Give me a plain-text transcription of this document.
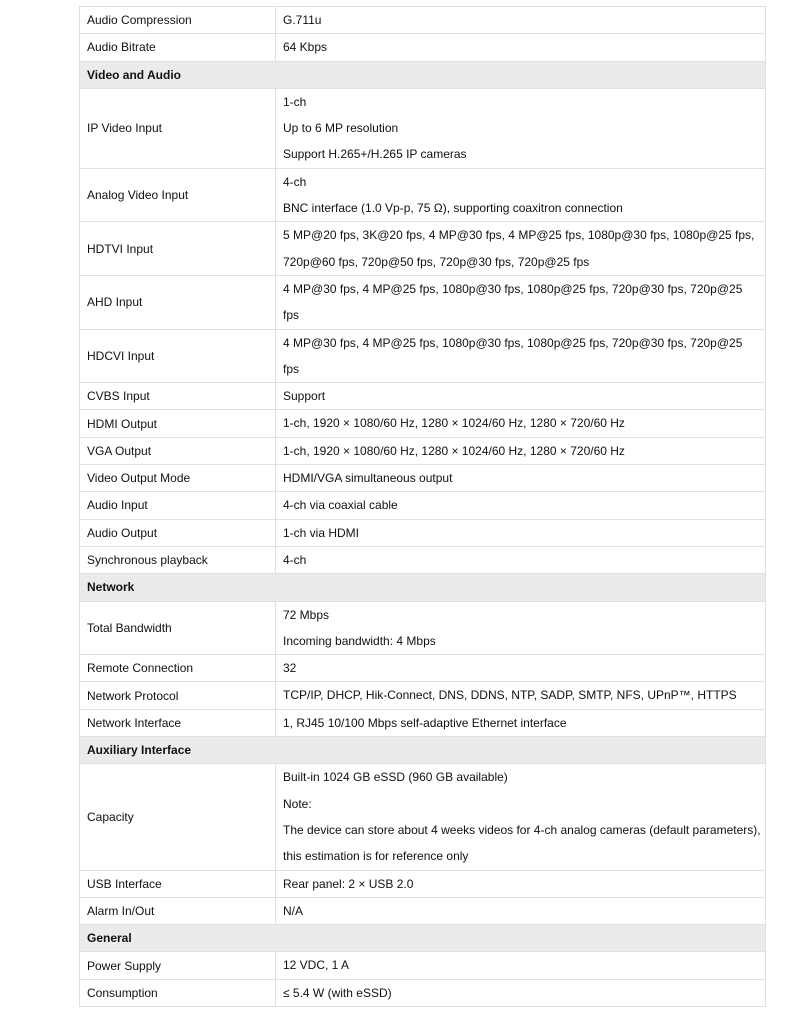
Audio Compression	G.711u

Audio Bitrate	64 Kbps

Video and Audio	
IP Video Input	1-ch
Up to 6 MP resolution
Support H.265+/H.265 IP cameras

Analog Video Input	4-ch
BNC interface (1.0 Vp-p, 75 Ω), supporting coaxitron connection

HDTVI Input	5 MP@20 fps, 3K@20 fps, 4 MP@30 fps, 4 MP@25 fps, 1080p@30 fps, 1080p@25 fps,
720p@60 fps, 720p@50 fps, 720p@30 fps, 720p@25 fps

AHD Input	4 MP@30 fps, 4 MP@25 fps, 1080p@30 fps, 1080p@25 fps, 720p@30 fps, 720p@25
fps

HDCVI Input	4 MP@30 fps, 4 MP@25 fps, 1080p@30 fps, 1080p@25 fps, 720p@30 fps, 720p@25
fps

CVBS Input	Support

HDMI Output	1-ch, 1920 × 1080/60 Hz, 1280 × 1024/60 Hz, 1280 × 720/60 Hz

VGA Output	1-ch, 1920 × 1080/60 Hz, 1280 × 1024/60 Hz, 1280 × 720/60 Hz

Video Output Mode	HDMI/VGA simultaneous output

Audio Input	4-ch via coaxial cable

Audio Output	1-ch via HDMI

Synchronous playback	4-ch

Network	
Total Bandwidth	72 Mbps
Incoming bandwidth: 4 Mbps

Remote Connection	32

Network Protocol	TCP/IP, DHCP, Hik-Connect, DNS, DDNS, NTP, SADP, SMTP, NFS, UPnP™, HTTPS

Network Interface	1, RJ45 10/100 Mbps self-adaptive Ethernet interface

Auxiliary Interface	
Capacity	Built-in 1024 GB eSSD (960 GB available)
Note:
The device can store about 4 weeks videos for 4-ch analog cameras (default parameters),
this estimation is for reference only

USB Interface	Rear panel: 2 × USB 2.0

Alarm In/Out	N/A

General	
Power Supply	12 VDC, 1 A

Consumption	≤ 5.4 W (with eSSD)
